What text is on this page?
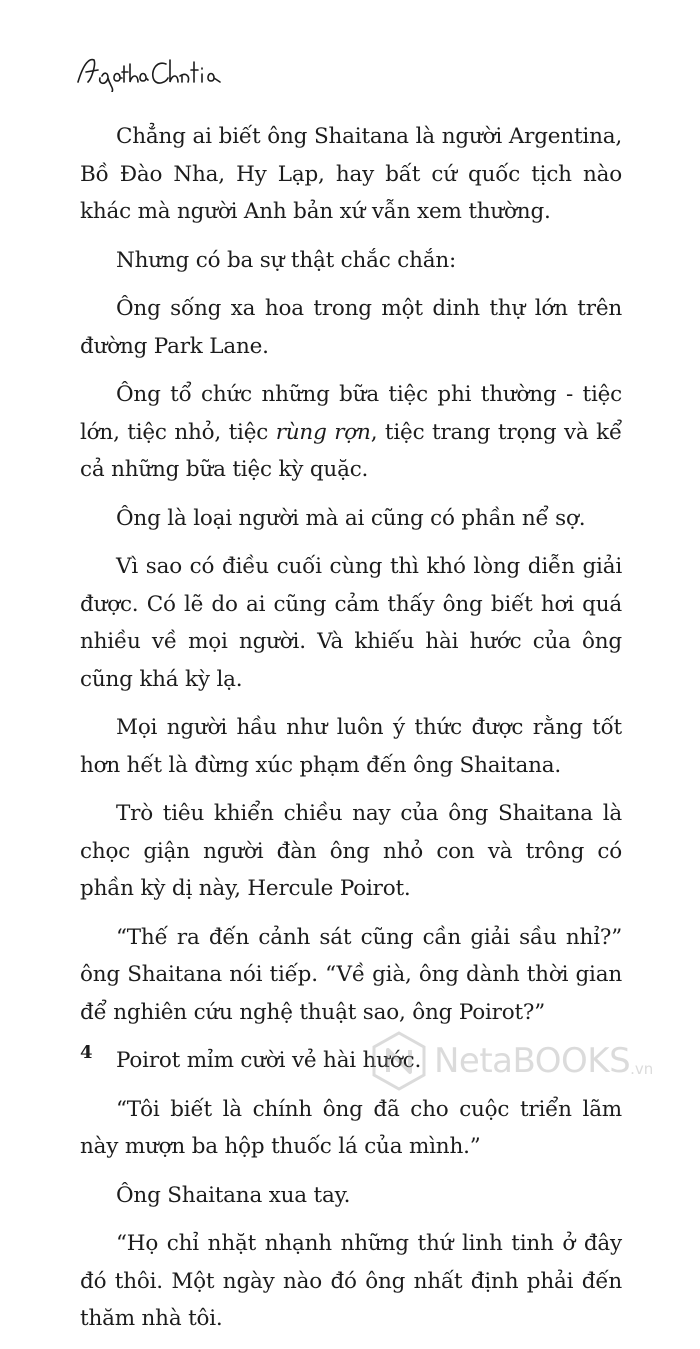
Chẳng ai biết ông Shaitana là người Argentina, Bồ Đào Nha, Hy Lạp, hay bất cứ quốc tịch nào khác mà người Anh bản xứ vẫn xem thường.

Nhưng có ba sự thật chắc chắn:

Ông sống xa hoa trong một dinh thự lớn trên đường Park Lane.

Ông tổ chức những bữa tiệc phi thường - tiệc lớn, tiệc nhỏ, tiệc rùng rợn, tiệc trang trọng và kể cả những bữa tiệc kỳ quặc.

Ông là loại người mà ai cũng có phần nể sợ.

Vì sao có điều cuối cùng thì khó lòng diễn giải được. Có lẽ do ai cũng cảm thấy ông biết hơi quá nhiều về mọi người. Và khiếu hài hước của ông cũng khá kỳ lạ.

Mọi người hầu như luôn ý thức được rằng tốt hơn hết là đừng xúc phạm đến ông Shaitana.

Trò tiêu khiển chiều nay của ông Shaitana là chọc giận người đàn ông nhỏ con và trông có phần kỳ dị này, Hercule Poirot.

“Thế ra đến cảnh sát cũng cần giải sầu nhỉ?” ông Shaitana nói tiếp. “Về già, ông dành thời gian để nghiên cứu nghệ thuật sao, ông Poirot?”

Poirot mỉm cười vẻ hài hước.

“Tôi biết là chính ông đã cho cuộc triển lãm này mượn ba hộp thuốc lá của mình.”

Ông Shaitana xua tay.

“Họ chỉ nhặt nhạnh những thứ linh tinh ở đây đó thôi. Một ngày nào đó ông nhất định phải đến thăm nhà tôi.

4	NetaBOOKS .vn
